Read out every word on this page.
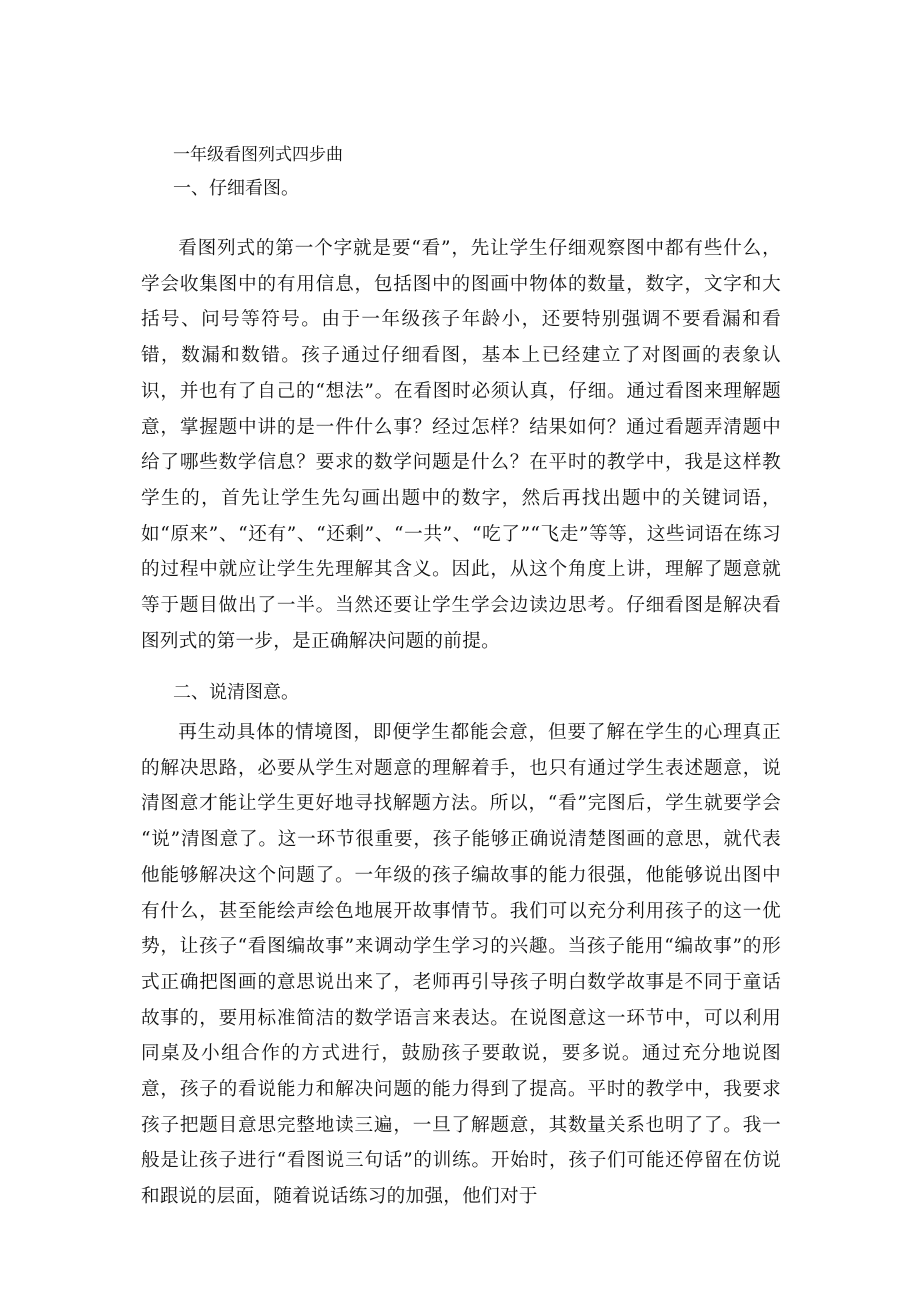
一年级看图列式四步曲
一、仔细看图。

看图列式的第一个字就是要“看”，先让学生仔细观察图中都有些什么，学会收集图中的有用信息，包括图中的图画中物体的数量，数字，文字和大括号、问号等符号。由于一年级孩子年龄小，还要特别强调不要看漏和看错，数漏和数错。孩子通过仔细看图，基本上已经建立了对图画的表象认识，并也有了自己的“想法”。在看图时必须认真，仔细。通过看图来理解题意，掌握题中讲的是一件什么事？经过怎样？结果如何？通过看题弄清题中给了哪些数学信息？要求的数学问题是什么？在平时的教学中，我是这样教学生的，首先让学生先勾画出题中的数字，然后再找出题中的关键词语，如“原来”、“还有”、“还剩”、“一共”、“吃了”“飞走”等等，这些词语在练习的过程中就应让学生先理解其含义。因此，从这个角度上讲，理解了题意就等于题目做出了一半。当然还要让学生学会边读边思考。仔细看图是解决看图列式的第一步，是正确解决问题的前提。

二、说清图意。

再生动具体的情境图，即便学生都能会意，但要了解在学生的心理真正的解决思路，必要从学生对题意的理解着手，也只有通过学生表述题意，说清图意才能让学生更好地寻找解题方法。所以，“看”完图后，学生就要学会 “说”清图意了。这一环节很重要，孩子能够正确说清楚图画的意思，就代表他能够解决这个问题了。一年级的孩子编故事的能力很强，他能够说出图中有什么，甚至能绘声绘色地展开故事情节。我们可以充分利用孩子的这一优势，让孩子“看图编故事”来调动学生学习的兴趣。当孩子能用“编故事”的形式正确把图画的意思说出来了，老师再引导孩子明白数学故事是不同于童话故事的，要用标准简洁的数学语言来表达。在说图意这一环节中，可以利用同桌及小组合作的方式进行，鼓励孩子要敢说，要多说。通过充分地说图意，孩子的看说能力和解决问题的能力得到了提高。平时的教学中，我要求孩子把题目意思完整地读三遍，一旦了解题意，其数量关系也明了了。我一般是让孩子进行“看图说三句话”的训练。开始时，孩子们可能还停留在仿说和跟说的层面，随着说话练习的加强，他们对于
